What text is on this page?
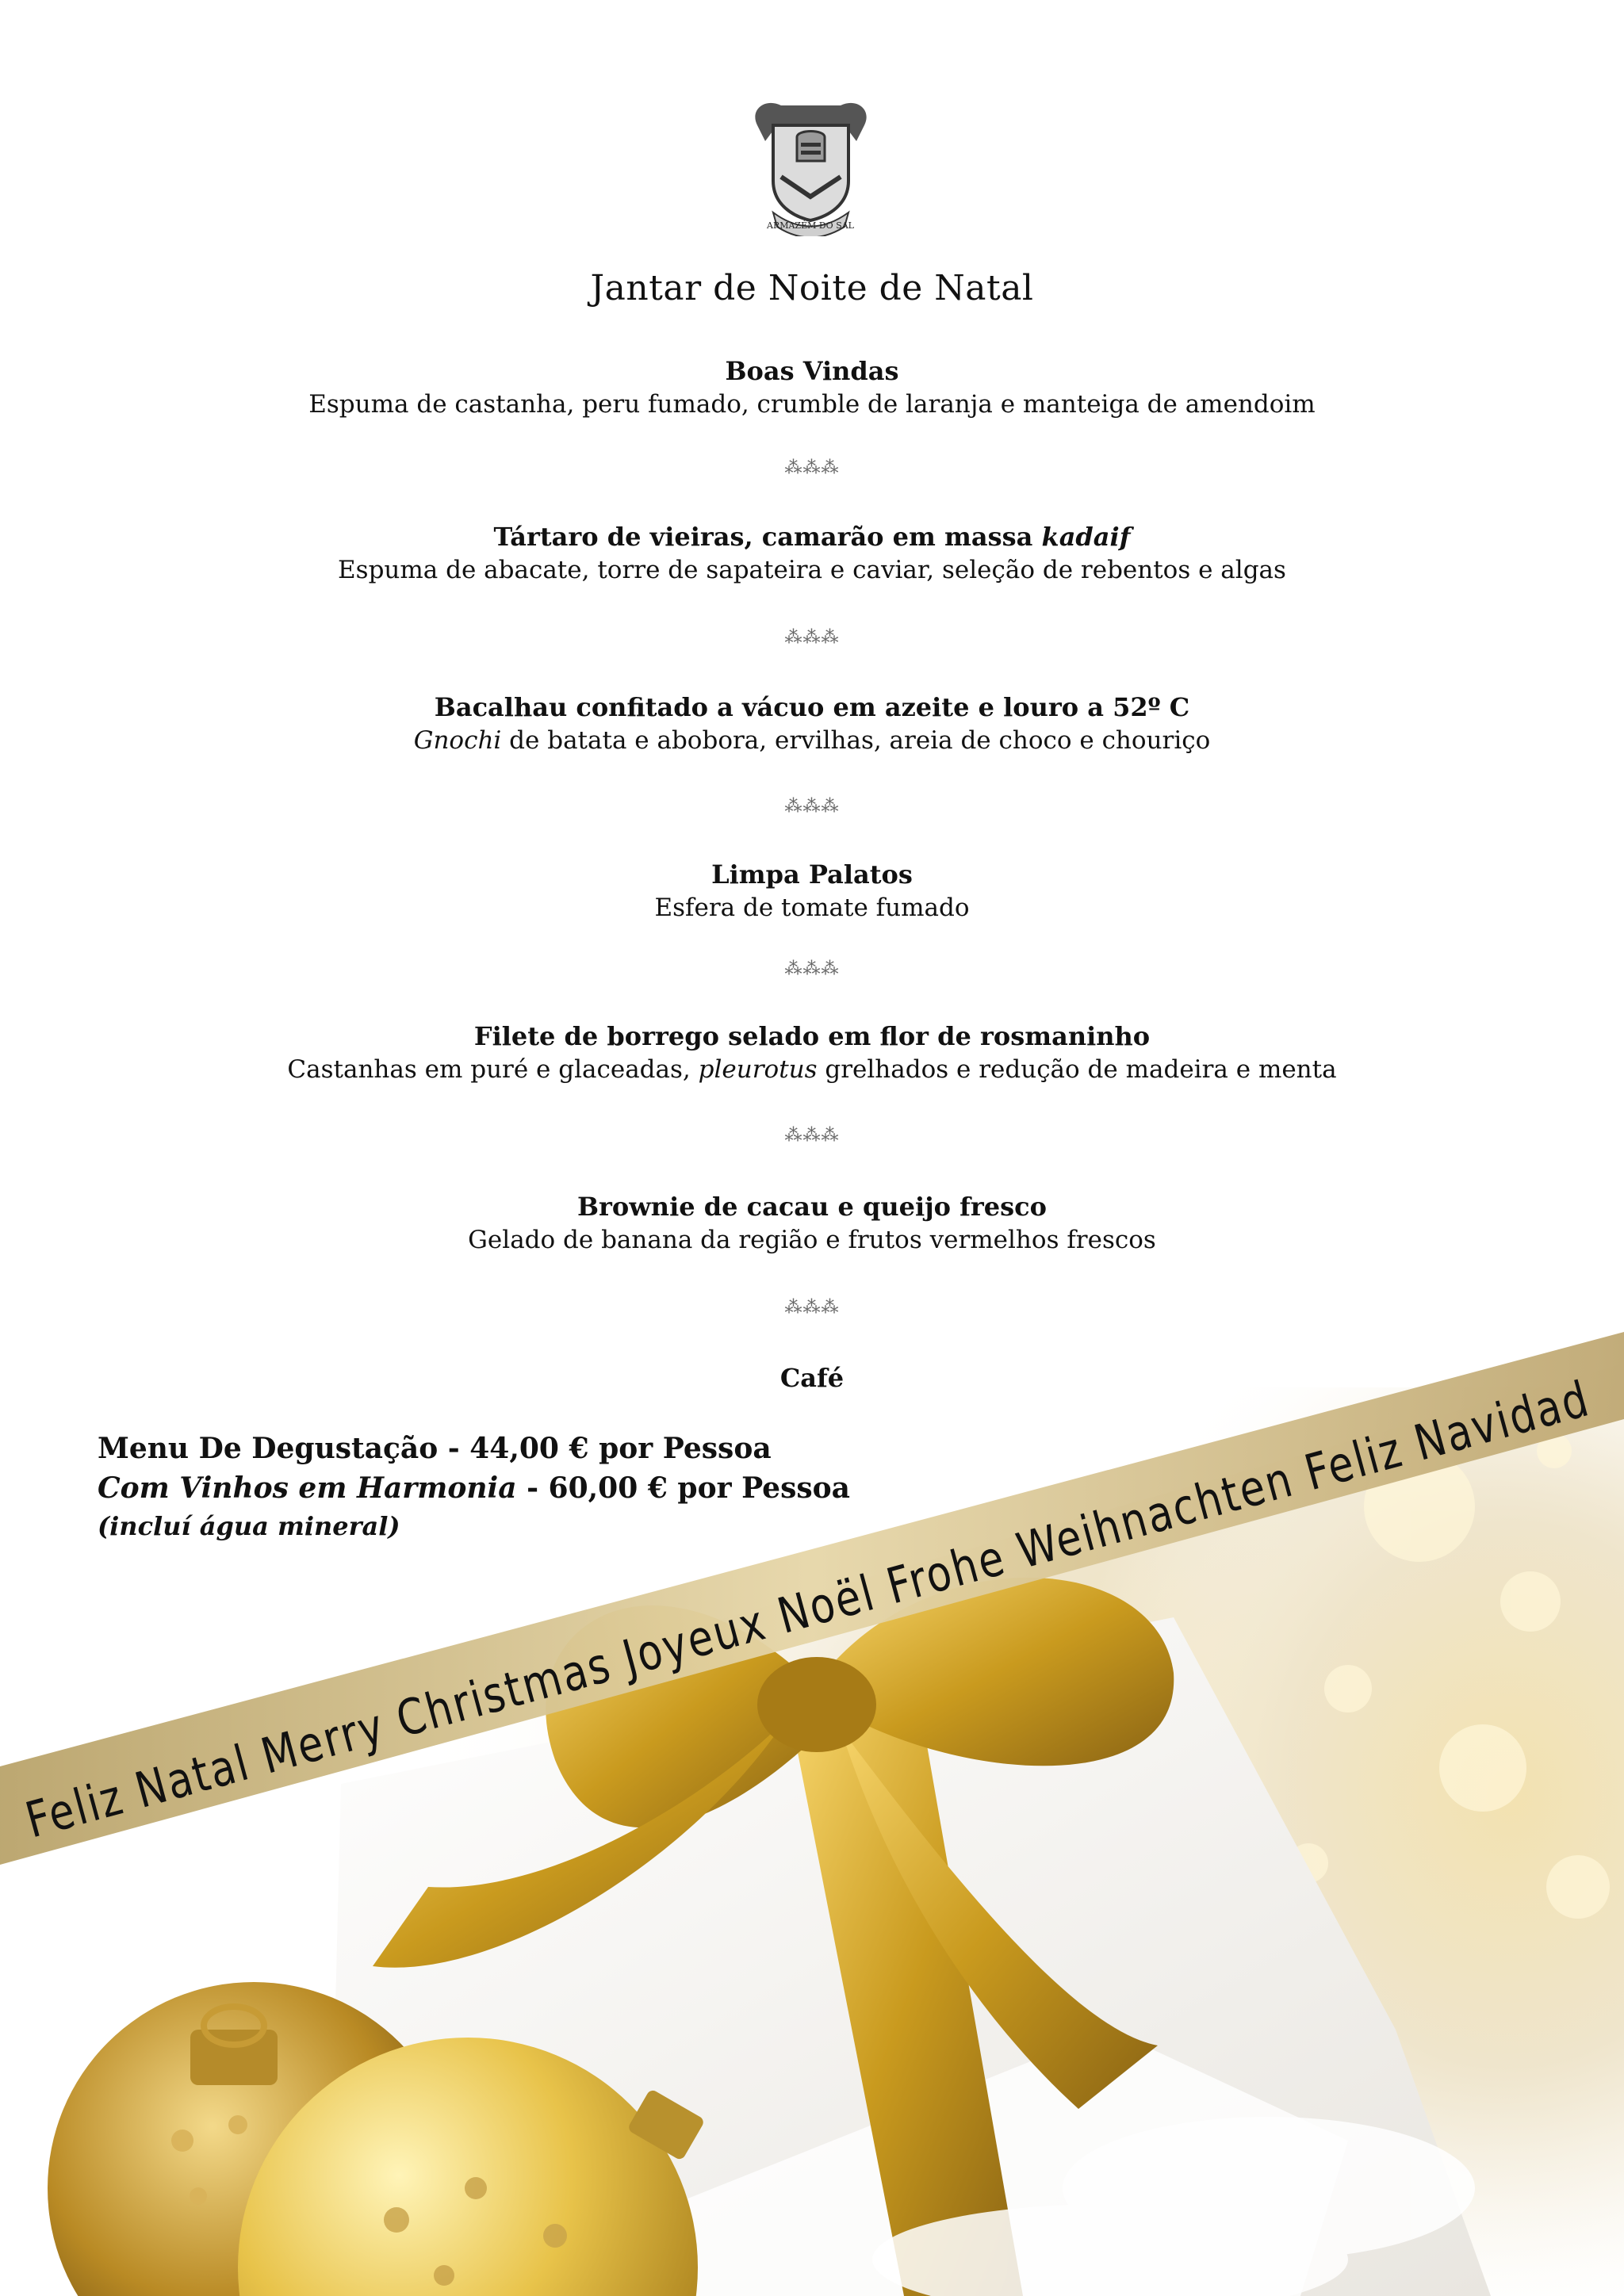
ARMAZÉM DO SAL
Jantar de Noite de Natal
Boas Vindas
Espuma de castanha, peru fumado, crumble de laranja e manteiga de amendoim
⁂⁂⁂
Tártaro de vieiras, camarão em massa kadaif
Espuma de abacate, torre de sapateira e caviar, seleção de rebentos e algas
⁂⁂⁂
Bacalhau confitado a vácuo em azeite e louro a 52º C
Gnochi de batata e abobora, ervilhas, areia de choco e chouriço
⁂⁂⁂
Limpa Palatos
Esfera de tomate fumado
⁂⁂⁂
Filete de borrego selado em flor de rosmaninho
Castanhas em puré e glaceadas, pleurotus grelhados e redução de madeira e menta
⁂⁂⁂
Brownie de cacau e queijo fresco
Gelado de banana da região e frutos vermelhos frescos
⁂⁂⁂
Café
Menu De Degustação - 44,00 € por Pessoa
Com Vinhos em Harmonia - 60,00 € por Pessoa
(incluí água mineral)
